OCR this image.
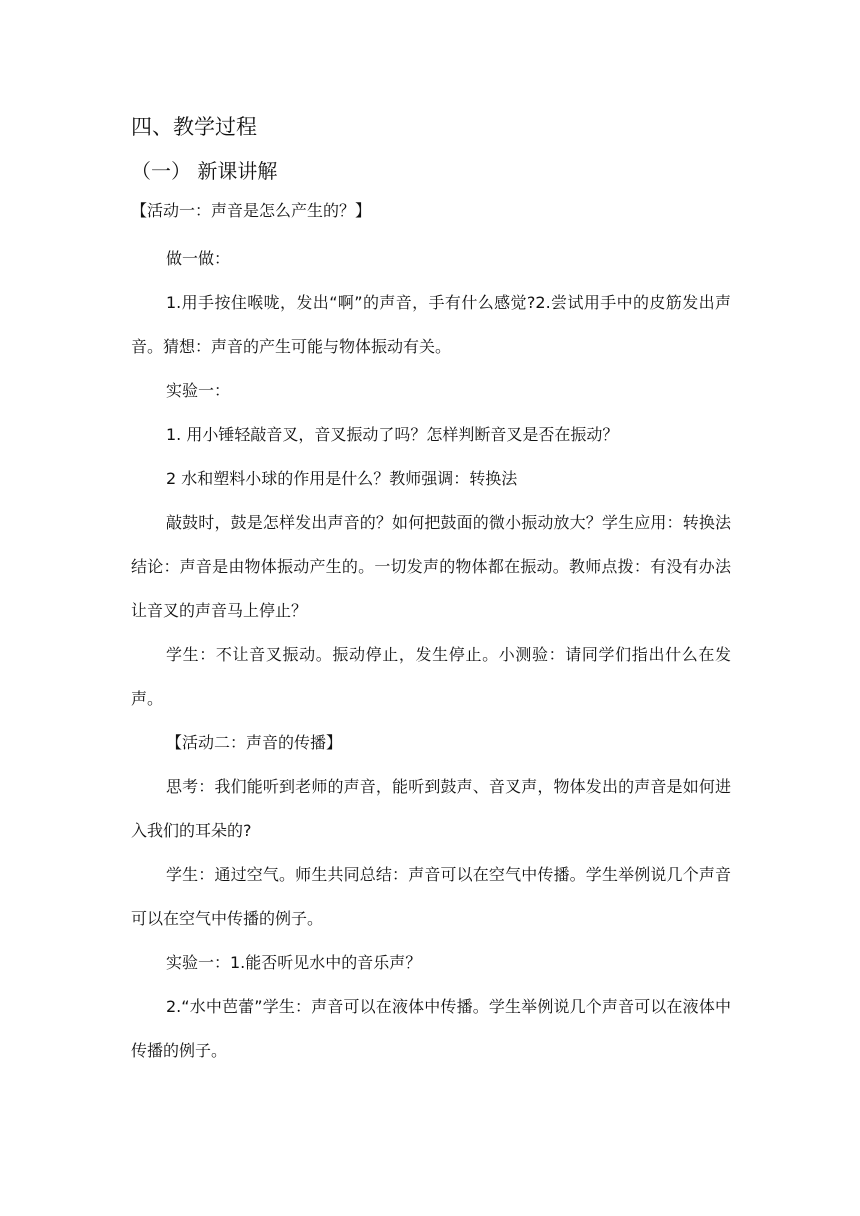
四、教学过程
（一） 新课讲解
【活动一：声音是怎么产生的？】

做一做：

1.用手按住喉咙，发出“啊”的声音，手有什么感觉?2.尝试用手中的皮筋发出声音。猜想：声音的产生可能与物体振动有关。

实验一：

1. 用小锤轻敲音叉，音叉振动了吗？怎样判断音叉是否在振动？

2 水和塑料小球的作用是什么？教师强调：转换法

敲鼓时，鼓是怎样发出声音的？如何把鼓面的微小振动放大？学生应用：转换法结论：声音是由物体振动产生的。一切发声的物体都在振动。教师点拨：有没有办法让音叉的声音马上停止？

学生：不让音叉振动。振动停止，发生停止。小测验：请同学们指出什么在发声。

【活动二：声音的传播】

思考：我们能听到老师的声音，能听到鼓声、音叉声，物体发出的声音是如何进入我们的耳朵的?

学生：通过空气。师生共同总结：声音可以在空气中传播。学生举例说几个声音可以在空气中传播的例子。

实验一：1.能否听见水中的音乐声？

2.“水中芭蕾”学生：声音可以在液体中传播。学生举例说几个声音可以在液体中传播的例子。
